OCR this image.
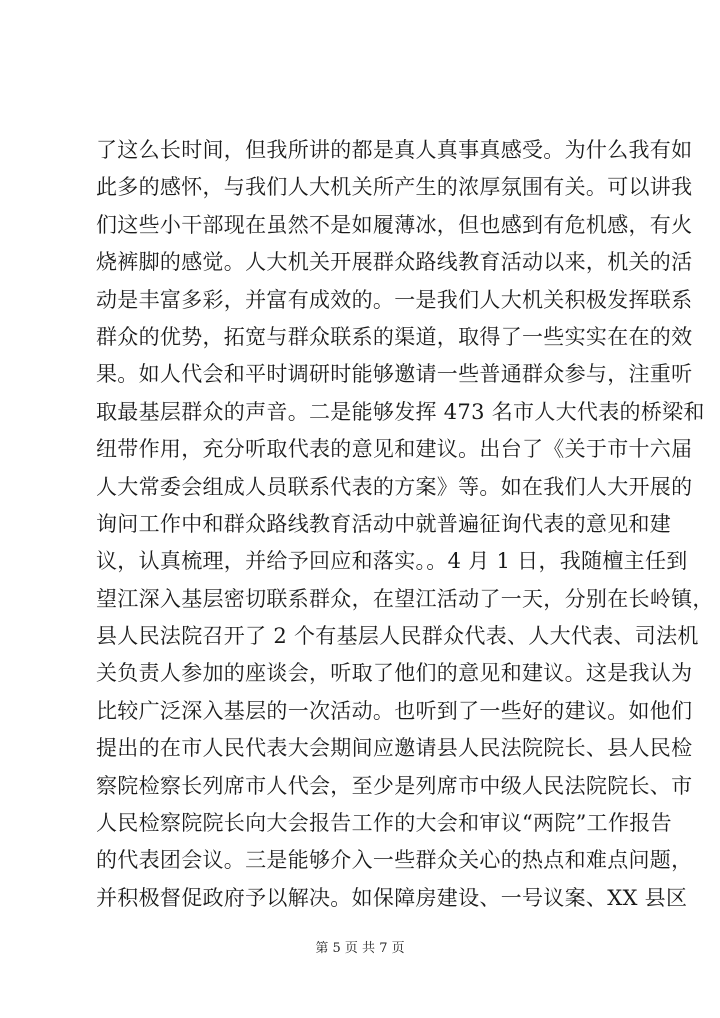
了这么长时间，但我所讲的都是真人真事真感受。为什么我有如
此多的感怀，与我们人大机关所产生的浓厚氛围有关。可以讲我
们这些小干部现在虽然不是如履薄冰，但也感到有危机感，有火
烧裤脚的感觉。人大机关开展群众路线教育活动以来，机关的活
动是丰富多彩，并富有成效的。一是我们人大机关积极发挥联系
群众的优势，拓宽与群众联系的渠道，取得了一些实实在在的效
果。如人代会和平时调研时能够邀请一些普通群众参与，注重听
取最基层群众的声音。二是能够发挥 473 名市人大代表的桥梁和
纽带作用，充分听取代表的意见和建议。出台了《关于市十六届
人大常委会组成人员联系代表的方案》等。如在我们人大开展的
询问工作中和群众路线教育活动中就普遍征询代表的意见和建
议，认真梳理，并给予回应和落实。。4 月 1 日，我随檀主任到
望江深入基层密切联系群众，在望江活动了一天，分别在长岭镇，
县人民法院召开了 2 个有基层人民群众代表、人大代表、司法机
关负责人参加的座谈会，听取了他们的意见和建议。这是我认为
比较广泛深入基层的一次活动。也听到了一些好的建议。如他们
提出的在市人民代表大会期间应邀请县人民法院院长、县人民检
察院检察长列席市人代会，至少是列席市中级人民法院院长、市
人民检察院院长向大会报告工作的大会和审议“两院”工作报告
的代表团会议。三是能够介入一些群众关心的热点和难点问题，
并积极督促政府予以解决。如保障房建设、一号议案、XX 县区
第 5 页 共 7 页
